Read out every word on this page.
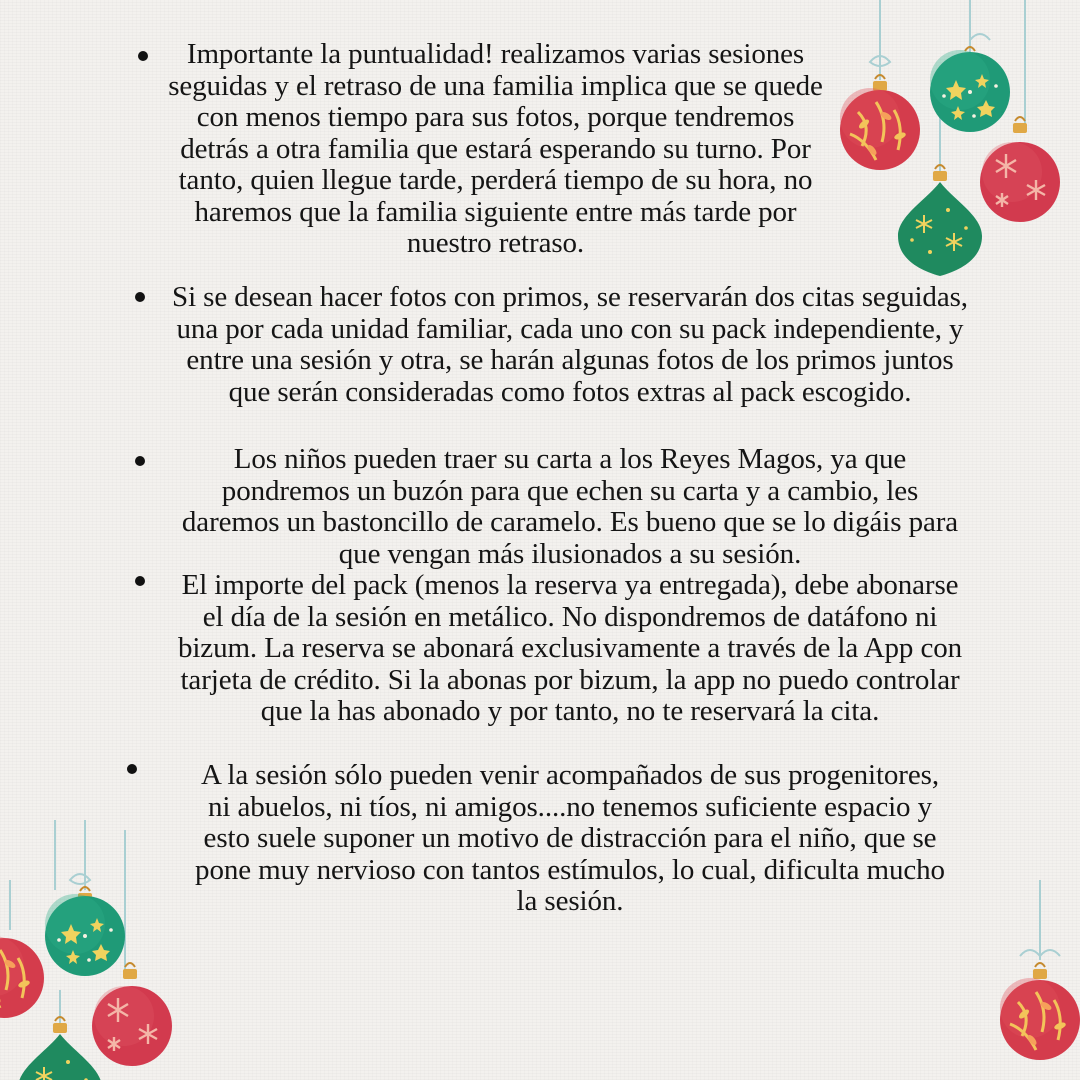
Importante la puntualidad! realizamos varias sesiones seguidas y el retraso de una familia implica que se quede con menos tiempo para sus fotos, porque tendremos detrás a otra familia que estará esperando su turno. Por tanto, quien llegue tarde, perderá tiempo de su hora, no haremos que la familia siguiente entre más tarde por nuestro retraso.

Si se desean hacer fotos con primos, se reservarán dos citas seguidas, una por cada unidad familiar, cada uno con su pack independiente, y entre una sesión y otra, se harán algunas fotos de los primos juntos que serán consideradas como fotos extras al pack escogido.

Los niños pueden traer su carta a los Reyes Magos, ya que pondremos un buzón para que echen su carta y a cambio, les daremos un bastoncillo de caramelo. Es bueno que se lo digáis para que vengan más ilusionados a su sesión.

El importe del pack (menos la reserva ya entregada), debe abonarse el día de la sesión en metálico. No dispondremos de datáfono ni bizum. La reserva se abonará exclusivamente a través de la App con tarjeta de crédito. Si la abonas por bizum, la app no puedo controlar que la has abonado y por tanto, no te reservará la cita.

A la sesión sólo pueden venir acompañados de sus progenitores, ni abuelos, ni tíos, ni amigos....no tenemos suficiente espacio y esto suele suponer un motivo de distracción para el niño, que se pone muy nervioso con tantos estímulos, lo cual, dificulta mucho la sesión.
